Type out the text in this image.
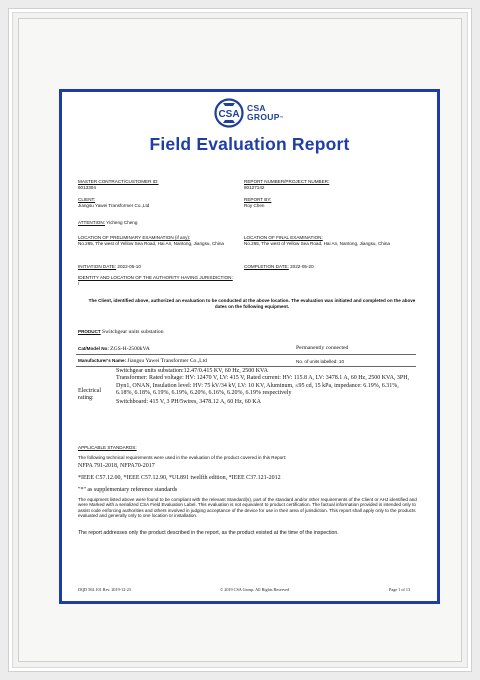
CSA
CSA
GROUP™
Field Evaluation Report
MASTER CONTRACT/CUSTOMER ID:
6013304
REPORT NUMBER/PROJECT NUMBER:
80127142
CLIENT:
Jiangsu Yawei Transformer Co.,Ltd
REPORT BY:
Roy Chen
ATTENTION: Yicheng Cheng
LOCATION OF PRELIMINARY EXAMINATION (if any):
No.265, The west of Yellow Sea Road, Hai An, Nantong, Jiangsu, China
LOCATION OF FINAL EXAMINATION:
No.265, The west of Yellow Sea Road, Hai An, Nantong, Jiangsu, China
INITIATION DATE: 2022-05-10	COMPLETION DATE: 2022-05-20
IDENTITY AND LOCATION OF THE AUTHORITY HAVING JURISDICTION:
/
The Client, identified above, authorized an evaluation to be conducted at the above location. The evaluation was initiated and completed on the above dates on the following equipment.
PRODUCT Switchgear units substation
Cat/Model No: ZGS-H-2500kVA	Permanently connected
Manufacturer's Name: Jiangsu Yawei Transformer Co.,Ltd	No. of units labelled: 10
Electrical rating:
Switchgear units substation:12.47/0.415 KV, 60 Hz, 2500 KVA
Transformer: Rated voltage: HV: 12470 V, LV: 415 V, Rated current: HV: 115.8 A, LV: 3478.1 A, 60 Hz, 2500 KVA, 3PH, Dyn1, ONAN, Insulation level: HV: 75 kV/34 kV, LV: 10 KV, Aluminum, ≤95 cd, 15 kPa, impedance: 6.19%, 6.31%, 6.18%, 6.18%, 6.19%, 6.19%, 6.20%, 6.16%, 6.20%, 6.19% respectively
Switchboard: 415 V, 3 PH/5wires, 3478.12 A, 60 Hz, 60 KA
APPLICABLE STANDARDS:
The following technical requirements were used in the evaluation of the product covered in this Report:
NFPA 791-2018, NFPA70-2017
*IEEE C57.12.00, *IEEE C57.12.90, *UL891 twelfth edition, *IEEE C37.121-2012
"*" as supplementary reference standards
The equipment listed above were found to be compliant with the relevant Standard(s), part of the standard and/or other requirements of the Client or AHJ identified and were Marked with a serialized CSA Field Evaluation Label. This evaluation is not equivalent to product certification. The factual information provided is intended only to assist code enforcing authorities and others involved in judging acceptance of the device for use in their area of jurisdiction. This report shall apply only to the products evaluated and generally only to one location or installation.
The report addresses only the product described in the report, as the product existed at the time of the inspection.
DQD 502.101 Rev. 2019-12-23	© 2019 CSA Group. All Rights Reserved	Page 1 of 13
